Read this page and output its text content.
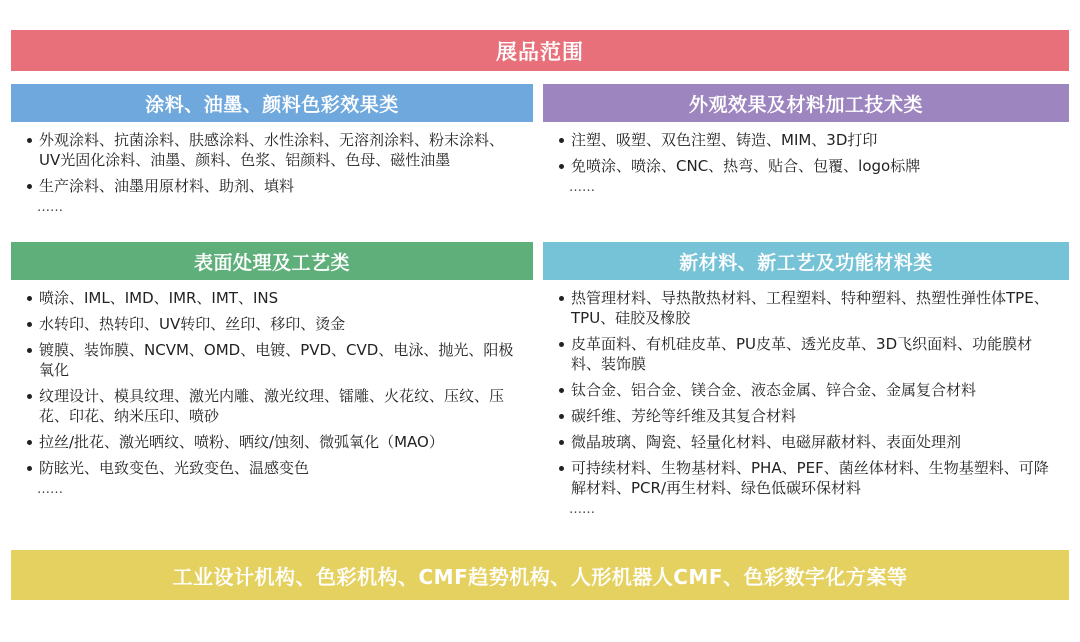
展品范围
涂料、油墨、颜料色彩效果类
外观涂料、抗菌涂料、肤感涂料、水性涂料、无溶剂涂料、粉末涂料、UV光固化涂料、油墨、颜料、色浆、铝颜料、色母、磁性油墨
生产涂料、油墨用原材料、助剂、填料
……
外观效果及材料加工技术类
注塑、吸塑、双色注塑、铸造、MIM、3D打印
免喷涂、喷涂、CNC、热弯、贴合、包覆、logo标牌
……
表面处理及工艺类
喷涂、IML、IMD、IMR、IMT、INS
水转印、热转印、UV转印、丝印、移印、烫金
镀膜、装饰膜、NCVM、OMD、电镀、PVD、CVD、电泳、抛光、阳极氧化
纹理设计、模具纹理、激光内雕、激光纹理、镭雕、火花纹、压纹、压花、印花、纳米压印、喷砂
拉丝/批花、激光晒纹、喷粉、晒纹/蚀刻、微弧氧化（MAO）
防眩光、电致变色、光致变色、温感变色
……
新材料、新工艺及功能材料类
热管理材料、导热散热材料、工程塑料、特种塑料、热塑性弹性体TPE、TPU、硅胶及橡胶
皮革面料、有机硅皮革、PU皮革、透光皮革、3D飞织面料、功能膜材料、装饰膜
钛合金、铝合金、镁合金、液态金属、锌合金、金属复合材料
碳纤维、芳纶等纤维及其复合材料
微晶玻璃、陶瓷、轻量化材料、电磁屏蔽材料、表面处理剂
可持续材料、生物基材料、PHA、PEF、菌丝体材料、生物基塑料、可降解材料、PCR/再生材料、绿色低碳环保材料
……
工业设计机构、色彩机构、CMF趋势机构、人形机器人CMF、色彩数字化方案等
